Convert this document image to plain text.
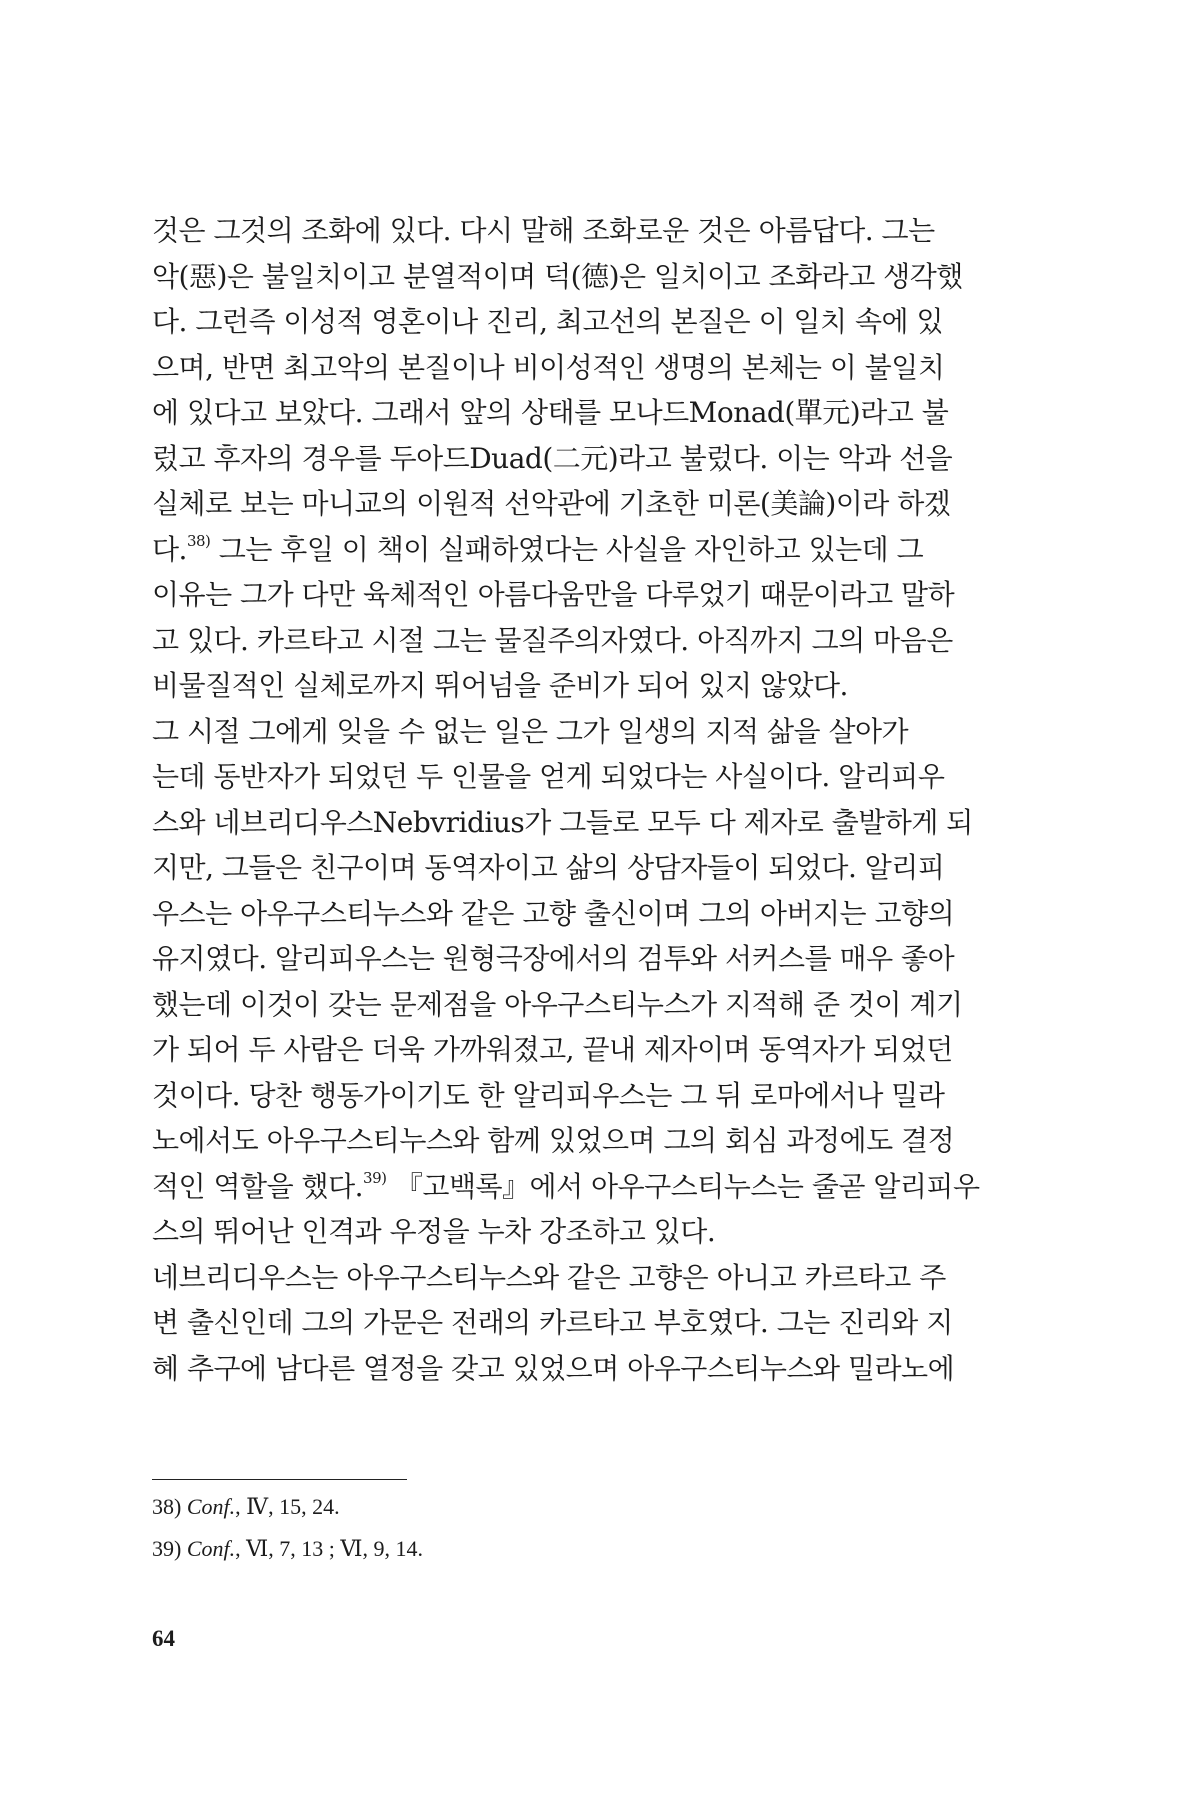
것은 그것의 조화에 있다. 다시 말해 조화로운 것은 아름답다. 그는
악(惡)은 불일치이고 분열적이며 덕(德)은 일치이고 조화라고 생각했
다. 그런즉 이성적 영혼이나 진리, 최고선의 본질은 이 일치 속에 있
으며, 반면 최고악의 본질이나 비이성적인 생명의 본체는 이 불일치
에 있다고 보았다. 그래서 앞의 상태를 모나드Monad(單元)라고 불
렀고 후자의 경우를 두아드Duad(二元)라고 불렀다. 이는 악과 선을
실체로 보는 마니교의 이원적 선악관에 기초한 미론(美論)이라 하겠
다.$^{38)}$ 그는 후일 이 책이 실패하였다는 사실을 자인하고 있는데 그
이유는 그가 다만 육체적인 아름다움만을 다루었기 때문이라고 말하
고 있다. 카르타고 시절 그는 물질주의자였다. 아직까지 그의 마음은
비물질적인 실체로까지 뛰어넘을 준비가 되어 있지 않았다.
그 시절 그에게 잊을 수 없는 일은 그가 일생의 지적 삶을 살아가
는데 동반자가 되었던 두 인물을 얻게 되었다는 사실이다. 알리피우
스와 네브리디우스Nebvridius가 그들로 모두 다 제자로 출발하게 되
지만, 그들은 친구이며 동역자이고 삶의 상담자들이 되었다. 알리피
우스는 아우구스티누스와 같은 고향 출신이며 그의 아버지는 고향의
유지였다. 알리피우스는 원형극장에서의 검투와 서커스를 매우 좋아
했는데 이것이 갖는 문제점을 아우구스티누스가 지적해 준 것이 계기
가 되어 두 사람은 더욱 가까워졌고, 끝내 제자이며 동역자가 되었던
것이다. 당찬 행동가이기도 한 알리피우스는 그 뒤 로마에서나 밀라
노에서도 아우구스티누스와 함께 있었으며 그의 회심 과정에도 결정
적인 역할을 했다.$^{39)}$ 『고백록』에서 아우구스티누스는 줄곧 알리피우
스의 뛰어난 인격과 우정을 누차 강조하고 있다.
네브리디우스는 아우구스티누스와 같은 고향은 아니고 카르타고 주
변 출신인데 그의 가문은 전래의 카르타고 부호였다. 그는 진리와 지
혜 추구에 남다른 열정을 갖고 있었으며 아우구스티누스와 밀라노에
38) Conf., Ⅳ, 15, 24.
39) Conf., Ⅵ, 7, 13 ; Ⅵ, 9, 14.
64
